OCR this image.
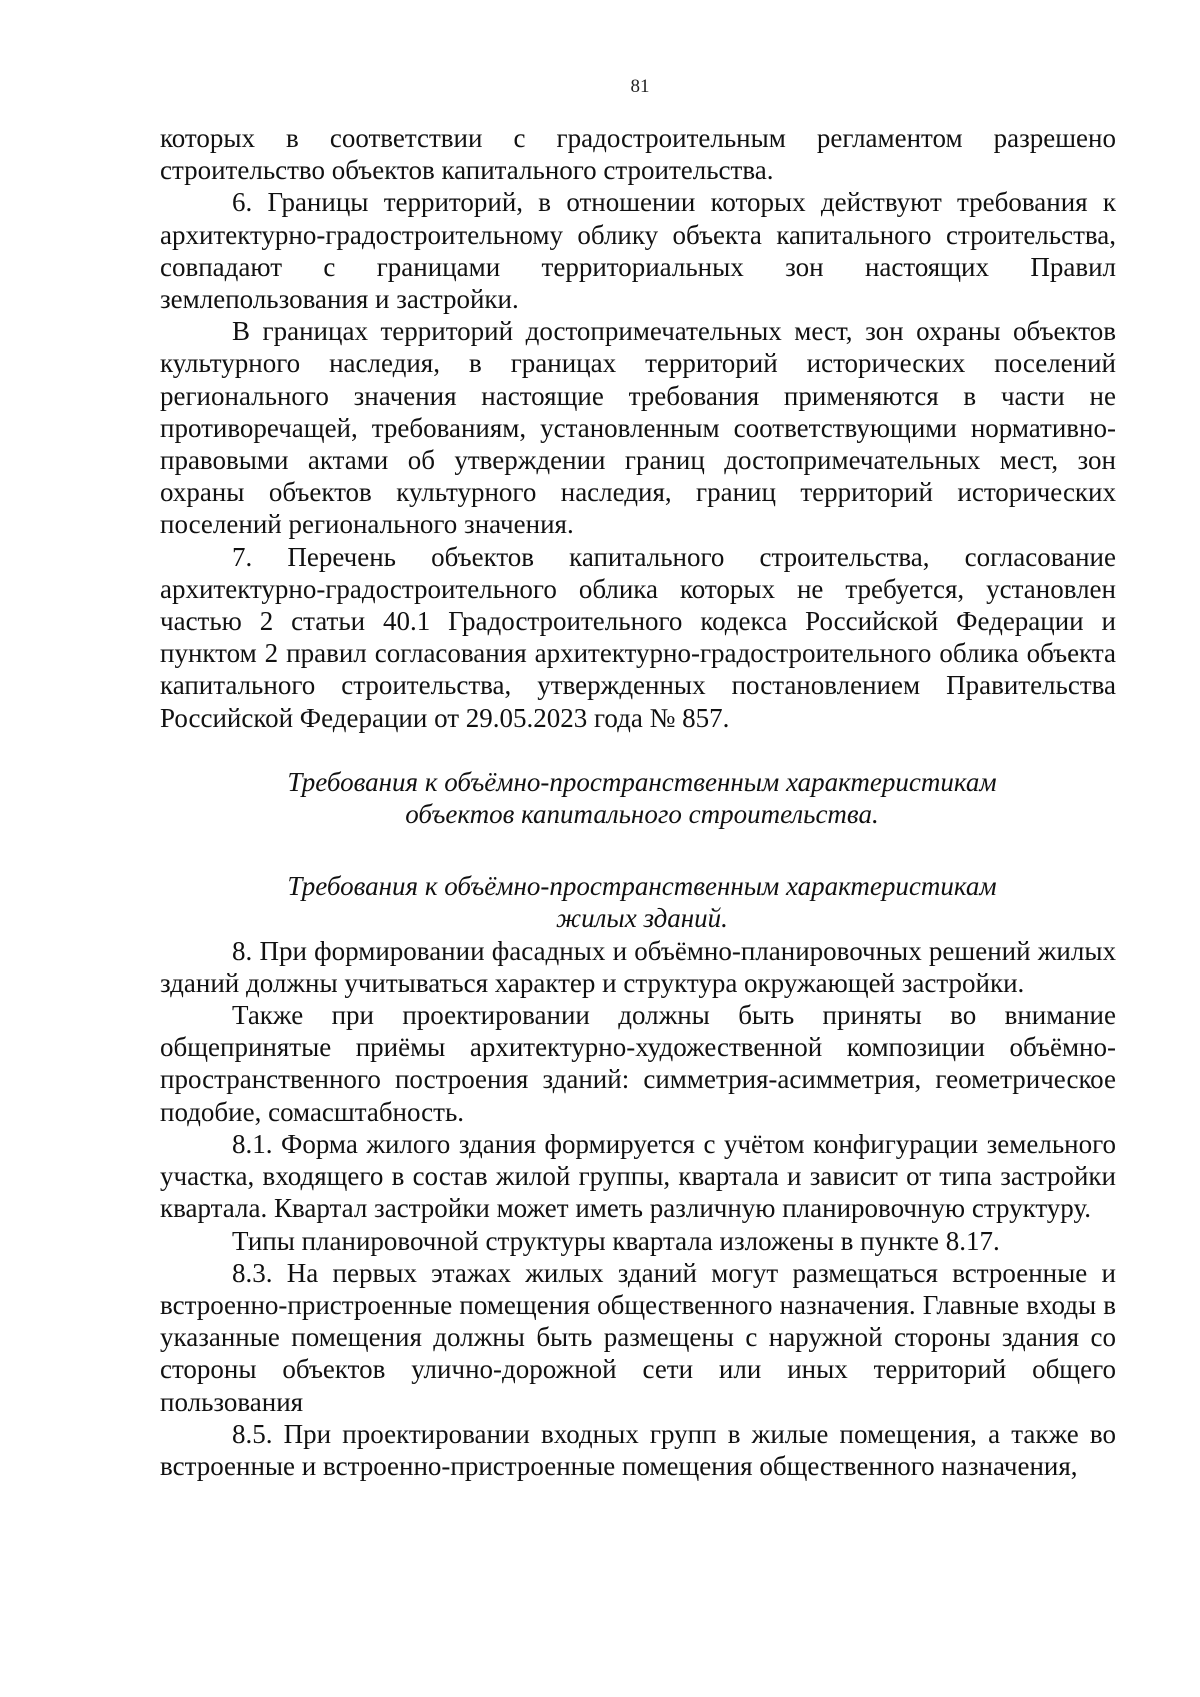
81

которых в соответствии с градостроительным регламентом разрешено строительство объектов капитального строительства.

6. Границы территорий, в отношении которых действуют требования к архитектурно-градостроительному облику объекта капитального строительства, совпадают с границами территориальных зон настоящих Правил землепользования и застройки.

В границах территорий достопримечательных мест, зон охраны объектов культурного наследия, в границах территорий исторических поселений регионального значения настоящие требования применяются в части не противоречащей, требованиям, установленным соответствующими нормативно-правовыми актами об утверждении границ достопримечательных мест, зон охраны объектов культурного наследия, границ территорий исторических поселений регионального значения.

7. Перечень объектов капитального строительства, согласование архитектурно-градостроительного облика которых не требуется, установлен частью 2 статьи 40.1 Градостроительного кодекса Российской Федерации и пунктом 2 правил согласования архитектурно-градостроительного облика объекта капитального строительства, утвержденных постановлением Правительства Российской Федерации от 29.05.2023 года № 857.

Требования к объёмно-пространственным характеристикам
объектов капитального строительства.

Требования к объёмно-пространственным характеристикам
жилых зданий.

8. При формировании фасадных и объёмно-планировочных решений жилых зданий должны учитываться характер и структура окружающей застройки.

Также при проектировании должны быть приняты во внимание общепринятые приёмы архитектурно-художественной композиции объёмно-пространственного построения зданий: симметрия-асимметрия, геометрическое подобие, сомасштабность.

8.1. Форма жилого здания формируется с учётом конфигурации земельного участка, входящего в состав жилой группы, квартала и зависит от типа застройки квартала. Квартал застройки может иметь различную планировочную структуру.

Типы планировочной структуры квартала изложены в пункте 8.17.

8.3. На первых этажах жилых зданий могут размещаться встроенные и встроенно-пристроенные помещения общественного назначения. Главные входы в указанные помещения должны быть размещены с наружной стороны здания со стороны объектов улично-дорожной сети или иных территорий общего пользования

8.5. При проектировании входных групп в жилые помещения, а также во встроенные и встроенно-пристроенные помещения общественного назначения,
